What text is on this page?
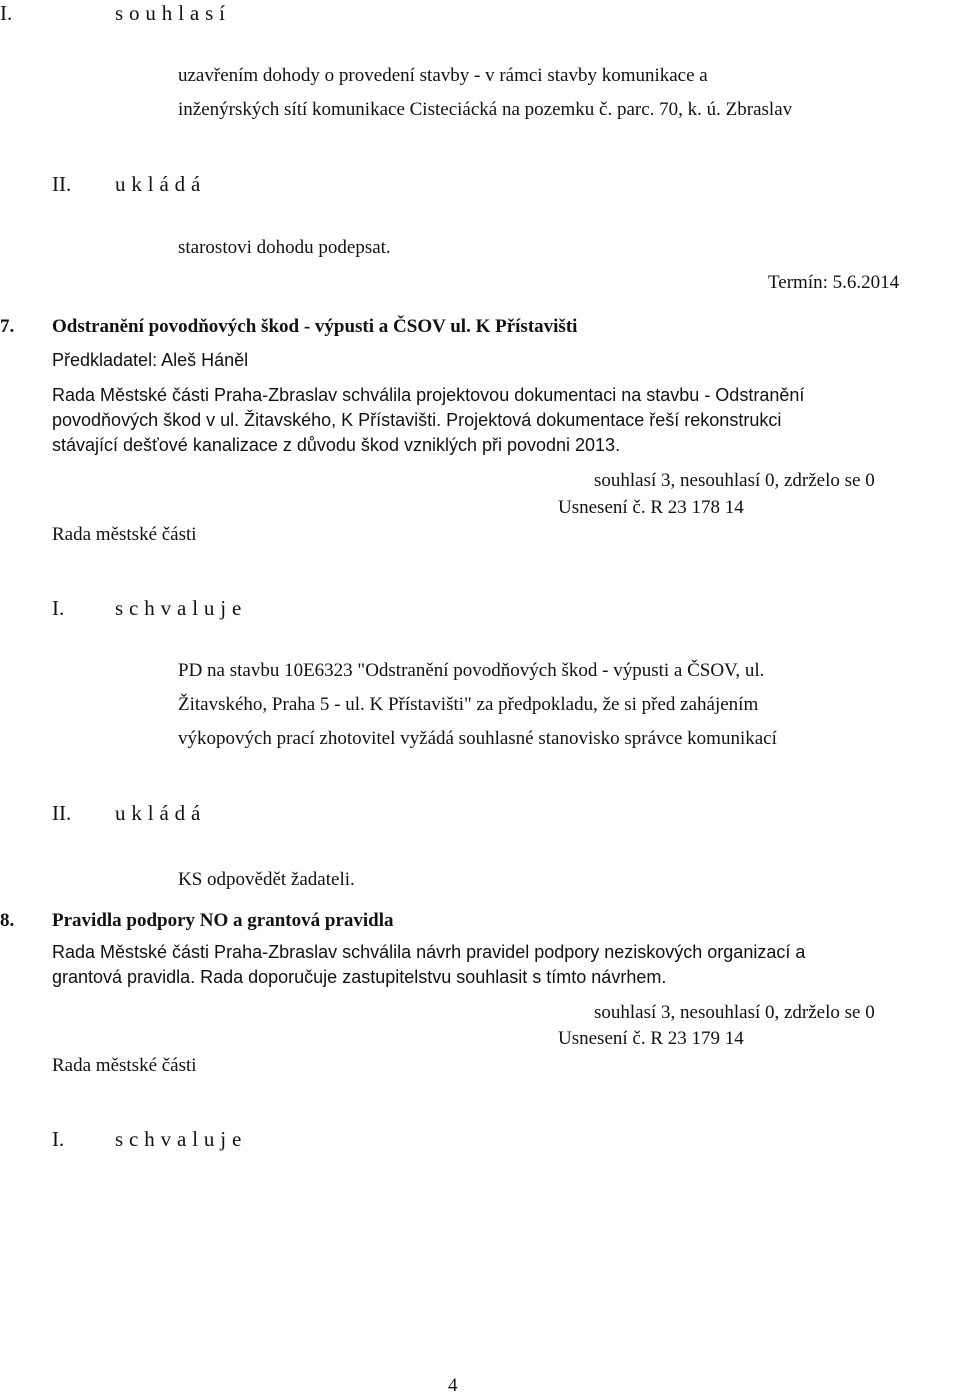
I.	souhlasí
uzavřením dohody o provedení stavby - v rámci stavby komunikace a
inženýrských sítí komunikace Cisteciácká na pozemku č. parc. 70, k. ú. Zbraslav
II. ukládá
starostovi dohodu podepsat.
Termín: 5.6.2014
7. Odstranění povodňových škod - výpusti a ČSOV ul. K Přístavišti
Předkladatel: Aleš Háněl
Rada Městské části Praha-Zbraslav schválila projektovou dokumentaci na stavbu - Odstranění
povodňových škod v ul. Žitavského, K Přístavišti. Projektová dokumentace řeší rekonstrukci
stávající dešťové kanalizace z důvodu škod vzniklých při povodni 2013.
souhlasí 3, nesouhlasí 0, zdrželo se 0
Usnesení č. R 23 178 14
Rada městské části
I. schvaluje
PD na stavbu 10E6323 "Odstranění povodňových škod - výpusti a ČSOV, ul.
Žitavského, Praha 5 - ul. K Přístavišti" za předpokladu, že si před zahájením
výkopových prací zhotovitel vyžádá souhlasné stanovisko správce komunikací
II. ukládá
KS odpovědět žadateli.
8. Pravidla podpory NO a grantová pravidla
Rada Městské části Praha-Zbraslav schválila návrh pravidel podpory neziskových organizací a
grantová pravidla. Rada doporučuje zastupitelstvu souhlasit s tímto návrhem.
souhlasí 3, nesouhlasí 0, zdrželo se 0
Usnesení č. R 23 179 14
Rada městské části
I. schvaluje
4
